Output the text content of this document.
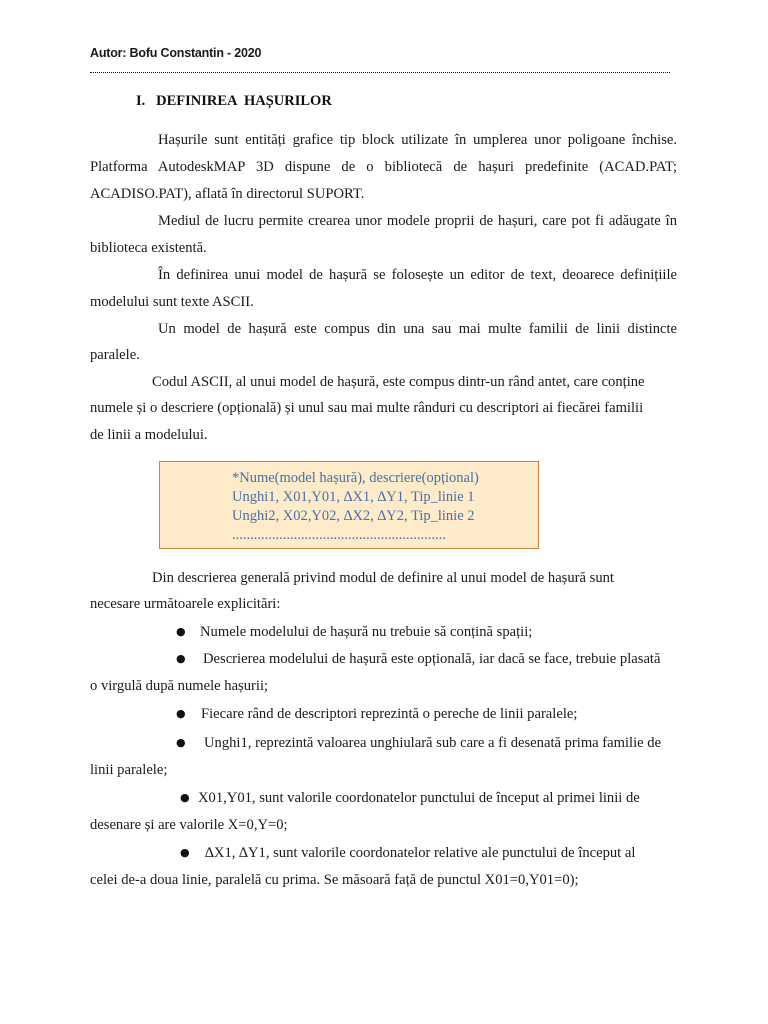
Autor: Bofu Constantin - 2020
I.   DEFINIREA  HAȘURILOR
Hașurile sunt entități grafice tip block utilizate în umplerea unor poligoane închise.
Platforma AutodeskMAP 3D dispune de o bibliotecă de hașuri predefinite (ACAD.PAT;
ACADISO.PAT), aflată în directorul SUPORT.
Mediul de lucru permite crearea unor modele proprii de hașuri, care pot fi adăugate în
biblioteca existentă.
În definirea unui model de hașură se folosește un editor de text, deoarece definițiile
modelului sunt texte ASCII.
Un model de hașură este compus din una sau mai multe familii de linii distincte
paralele.
Codul ASCII, al unui model de hașură, este compus dintr-un rând antet, care conține
numele și o descriere (opțională) și unul sau mai multe rânduri cu descriptori ai fiecărei familii
de linii a modelului.
*Nume(model hașură), descriere(opțional)
Unghi1, X01,Y01, ∆X1, ∆Y1, Tip_linie 1
Unghi2, X02,Y02, ∆X2, ∆Y2, Tip_linie 2
...........................................................
Din descrierea generală privind modul de definire al unui model de hașură sunt
necesare următoarele explicitări:
● Numele modelului de hașură nu trebuie să conțină spații;
● Descrierea modelului de hașură este opțională, iar dacă se face, trebuie plasată
o virgulă după numele hașurii;
● Fiecare rând de descriptori reprezintă o pereche de linii paralele;
● Unghi1, reprezintă valoarea unghiulară sub care a fi desenată prima familie de
linii paralele;
● X01,Y01, sunt valorile coordonatelor punctului de început al primei linii de
desenare și are valorile X=0,Y=0;
● ∆X1, ∆Y1, sunt valorile coordonatelor relative ale punctului de început al
celei de-a doua linie, paralelă cu prima. Se măsoară față de punctul X01=0,Y01=0);
